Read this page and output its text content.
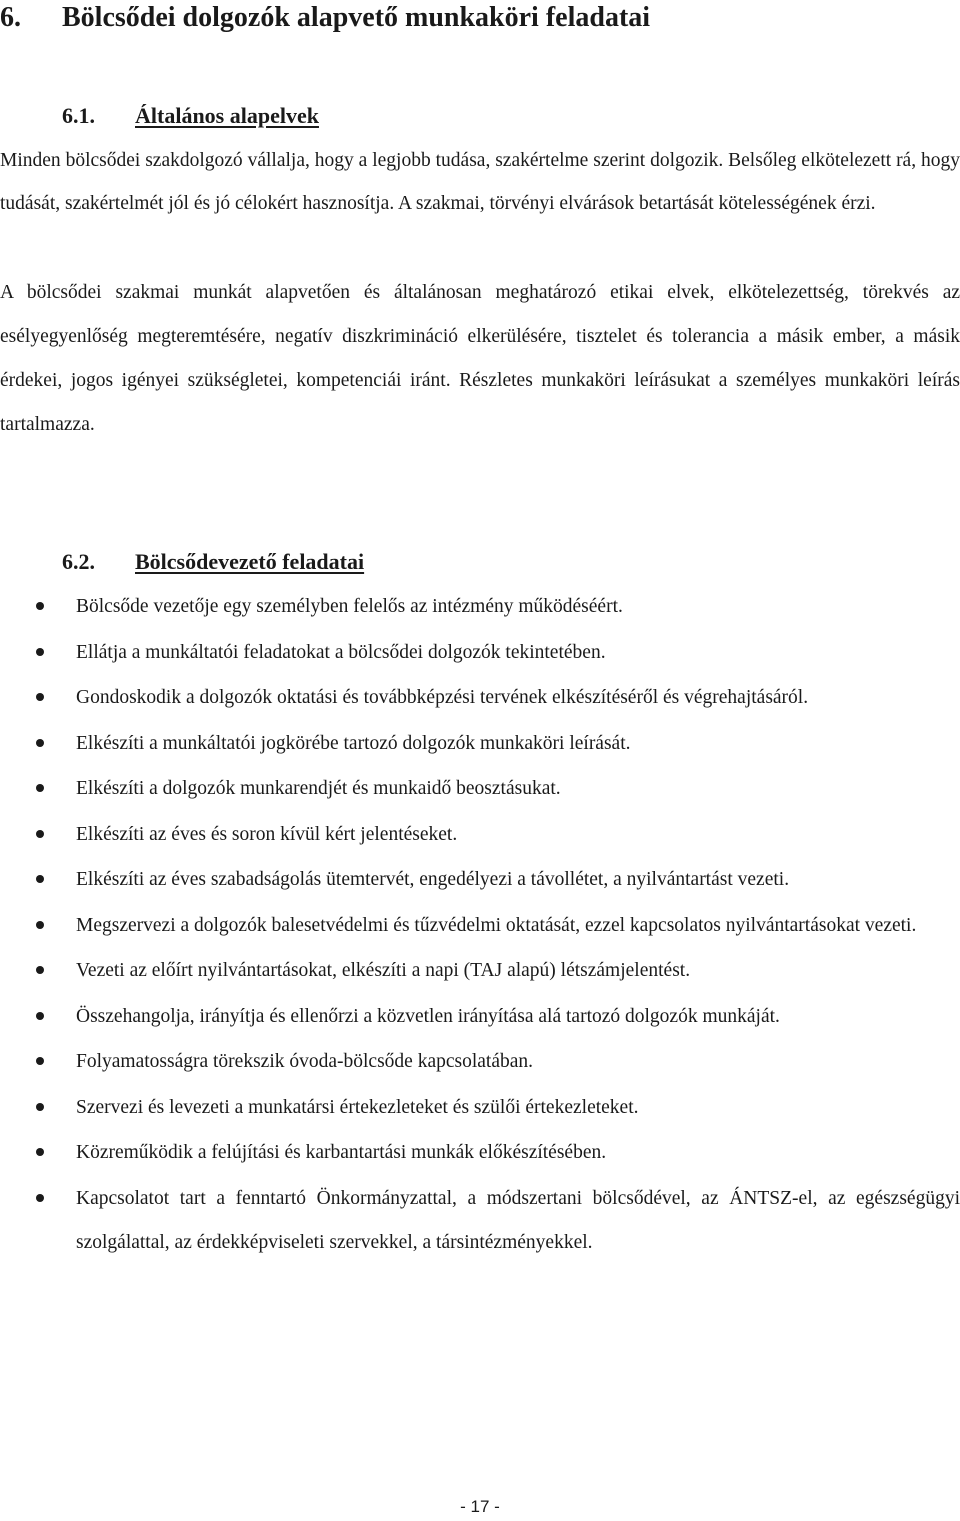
6. Bölcsődei dolgozók alapvető munkaköri feladatai
6.1. Általános alapelvek

Minden bölcsődei szakdolgozó vállalja, hogy a legjobb tudása, szakértelme szerint dolgozik. Belsőleg elkötelezett rá, hogy tudását, szakértelmét jól és jó célokért hasznosítja. A szakmai, törvényi elvárások betartását kötelességének érzi.

A bölcsődei szakmai munkát alapvetően és általánosan meghatározó etikai elvek, elkötelezettség, törekvés az esélyegyenlőség megteremtésére, negatív diszkrimináció elkerülésére, tisztelet és tolerancia a másik ember, a másik érdekei, jogos igényei szükségletei, kompetenciái iránt. Részletes munkaköri leírásukat a személyes munkaköri leírás tartalmazza.

6.2. Bölcsődevezető feladatai
Bölcsőde vezetője egy személyben felelős az intézmény működéséért.
Ellátja a munkáltatói feladatokat a bölcsődei dolgozók tekintetében.
Gondoskodik a dolgozók oktatási és továbbképzési tervének elkészítéséről és végrehajtásáról.
Elkészíti a munkáltatói jogkörébe tartozó dolgozók munkaköri leírását.
Elkészíti a dolgozók munkarendjét és munkaidő beosztásukat.
Elkészíti az éves és soron kívül kért jelentéseket.
Elkészíti az éves szabadságolás ütemtervét, engedélyezi a távollétet, a nyilvántartást vezeti.
Megszervezi a dolgozók balesetvédelmi és tűzvédelmi oktatását, ezzel kapcsolatos nyilvántartásokat vezeti.
Vezeti az előírt nyilvántartásokat, elkészíti a napi (TAJ alapú) létszámjelentést.
Összehangolja, irányítja és ellenőrzi a közvetlen irányítása alá tartozó dolgozók munkáját.
Folyamatosságra törekszik óvoda-bölcsőde kapcsolatában.
Szervezi és levezeti a munkatársi értekezleteket és szülői értekezleteket.
Közreműködik a felújítási és karbantartási munkák előkészítésében.
Kapcsolatot tart a fenntartó Önkormányzattal, a módszertani bölcsődével, az ÁNTSZ-el, az egészségügyi szolgálattal, az érdekképviseleti szervekkel, a társintézményekkel.
- 17 -
